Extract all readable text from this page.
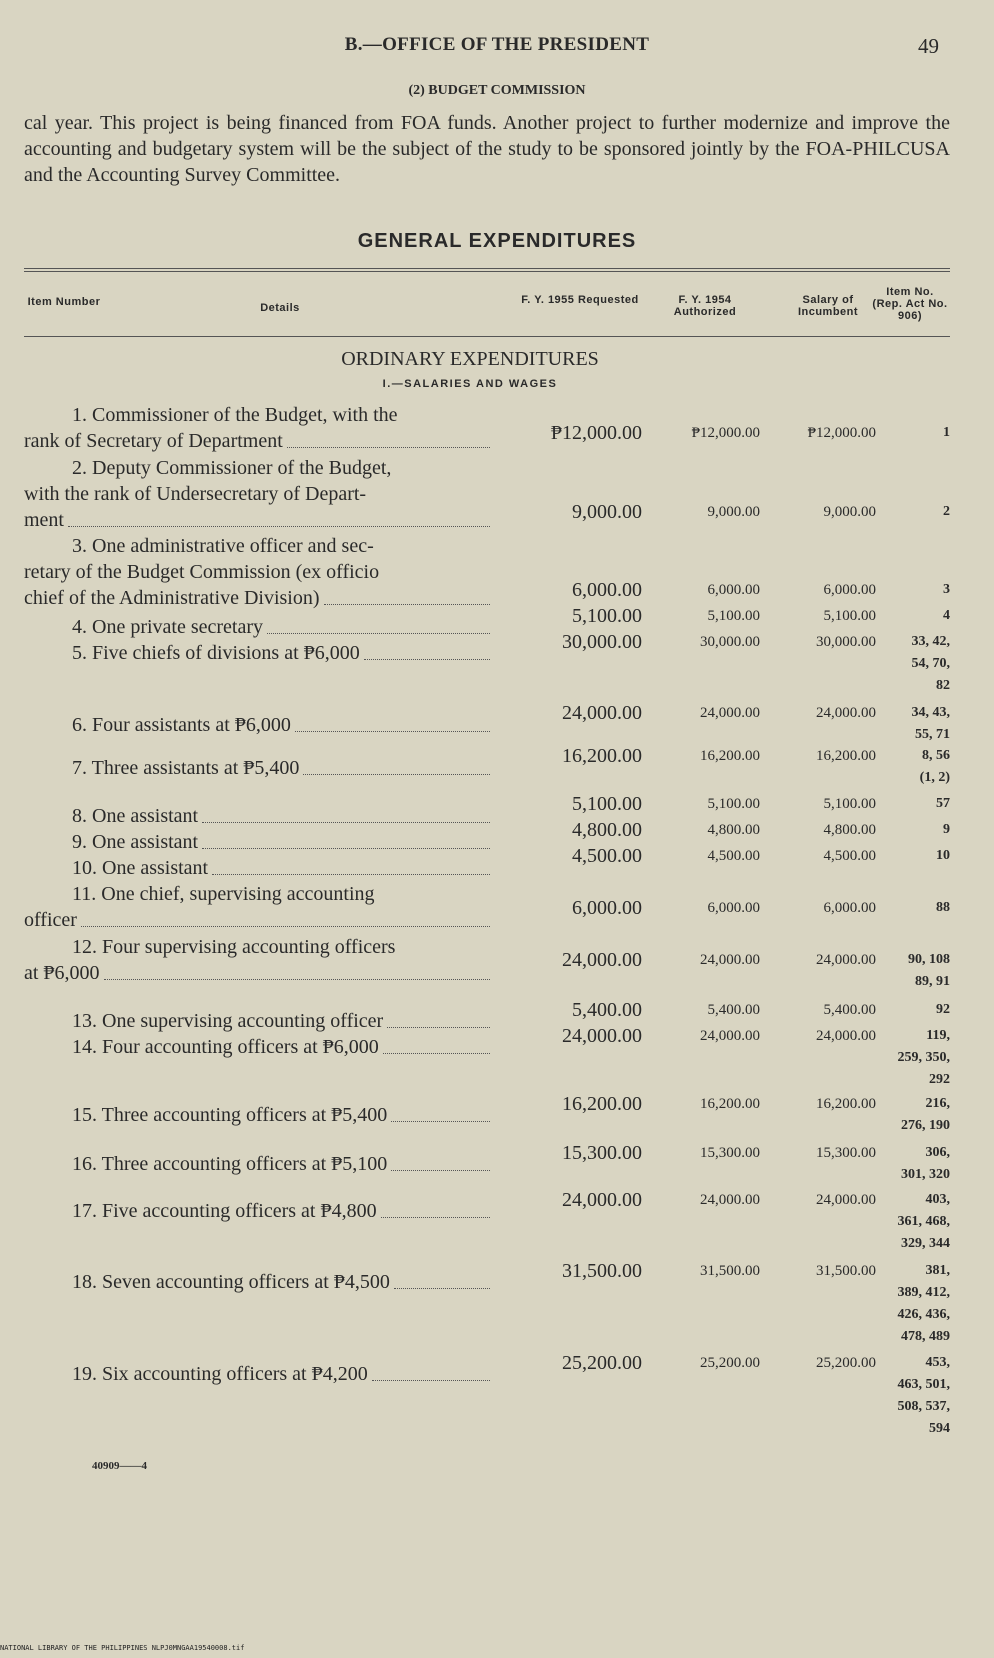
B.—OFFICE OF THE PRESIDENT	49
(2) BUDGET COMMISSION
cal year. This project is being financed from FOA funds. Another project to further modernize and improve the accounting and budgetary system will be the subject of the study to be sponsored jointly by the FOA-PHILCUSA and the Accounting Survey Committee.
GENERAL EXPENDITURES
Item Number	Details
F. Y. 1955 Requested	F. Y. 1954 Authorized
Salary of Incumbent
Item No. (Rep. Act No. 906)
ORDINARY EXPENDITURES
I.—SALARIES AND WAGES
1. Commissioner of the Budget, with the
rank of Secretary of Department	₱12,000.00	₱12,000.00	₱12,000.00	1
2. Deputy Commissioner of the Budget,
with the rank of Undersecretary of Depart-
ment	9,000.00	9,000.00	9,000.00	2
3. One administrative officer and sec-
retary of the Budget Commission (ex officio
chief of the Administrative Division)	6,000.00	6,000.00	6,000.00	3
4. One private secretary	5,100.00	5,100.00	5,100.00	4
5. Five chiefs of divisions at ₱6,000	30,000.00	30,000.00	30,000.00	33, 42,
54, 70,
82
6. Four assistants at ₱6,000
24,000.00	24,000.00	24,000.00	34, 43,
55, 71
7. Three assistants at ₱5,400
16,200.00	16,200.00	16,200.00	8, 56
(1, 2)
8. One assistant
5,100.00	5,100.00	5,100.00	57
9. One assistant
4,800.00	4,800.00	4,800.00	9
10. One assistant
4,500.00	4,500.00	4,500.00	10
11. One chief, supervising accounting
officer
6,000.00	6,000.00	6,000.00	88
12. Four supervising accounting officers
at ₱6,000
24,000.00	24,000.00	24,000.00	90, 108
89, 91
13. One supervising accounting officer	5,400.00	5,400.00	5,400.00	92
14. Four accounting officers at ₱6,000	24,000.00	24,000.00	24,000.00	119,
259, 350,
292
15. Three accounting officers at ₱5,400	16,200.00	16,200.00	16,200.00	216,
276, 190
16. Three accounting officers at ₱5,100	15,300.00	15,300.00	15,300.00	306,
301, 320
17. Five accounting officers at ₱4,800	24,000.00	24,000.00	24,000.00	403,
361, 468,
329, 344
18. Seven accounting officers at ₱4,500	31,500.00	31,500.00	31,500.00	381,
389, 412,
426, 436,
478, 489
19. Six accounting officers at ₱4,200	25,200.00	25,200.00	25,200.00	453,
463, 501,
508, 537,
594
40909——4
NATIONAL LIBRARY OF THE PHILIPPINES NLPJ0MNGAA19540008.tif
